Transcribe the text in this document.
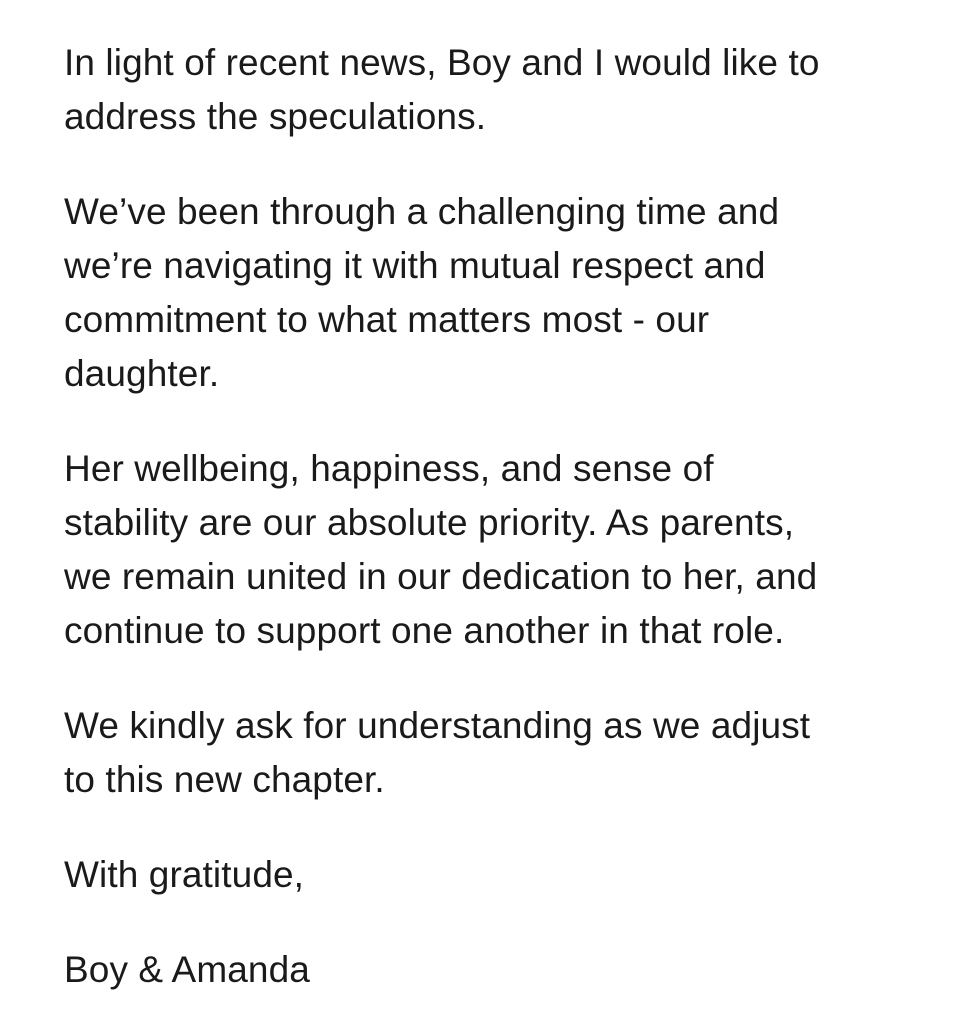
In light of recent news, Boy and I would like to
address the speculations.

We’ve been through a challenging time and
we’re navigating it with mutual respect and
commitment to what matters most - our
daughter.

Her wellbeing, happiness, and sense of
stability are our absolute priority. As parents,
we remain united in our dedication to her, and
continue to support one another in that role.

We kindly ask for understanding as we adjust
to this new chapter.

With gratitude,

Boy & Amanda
